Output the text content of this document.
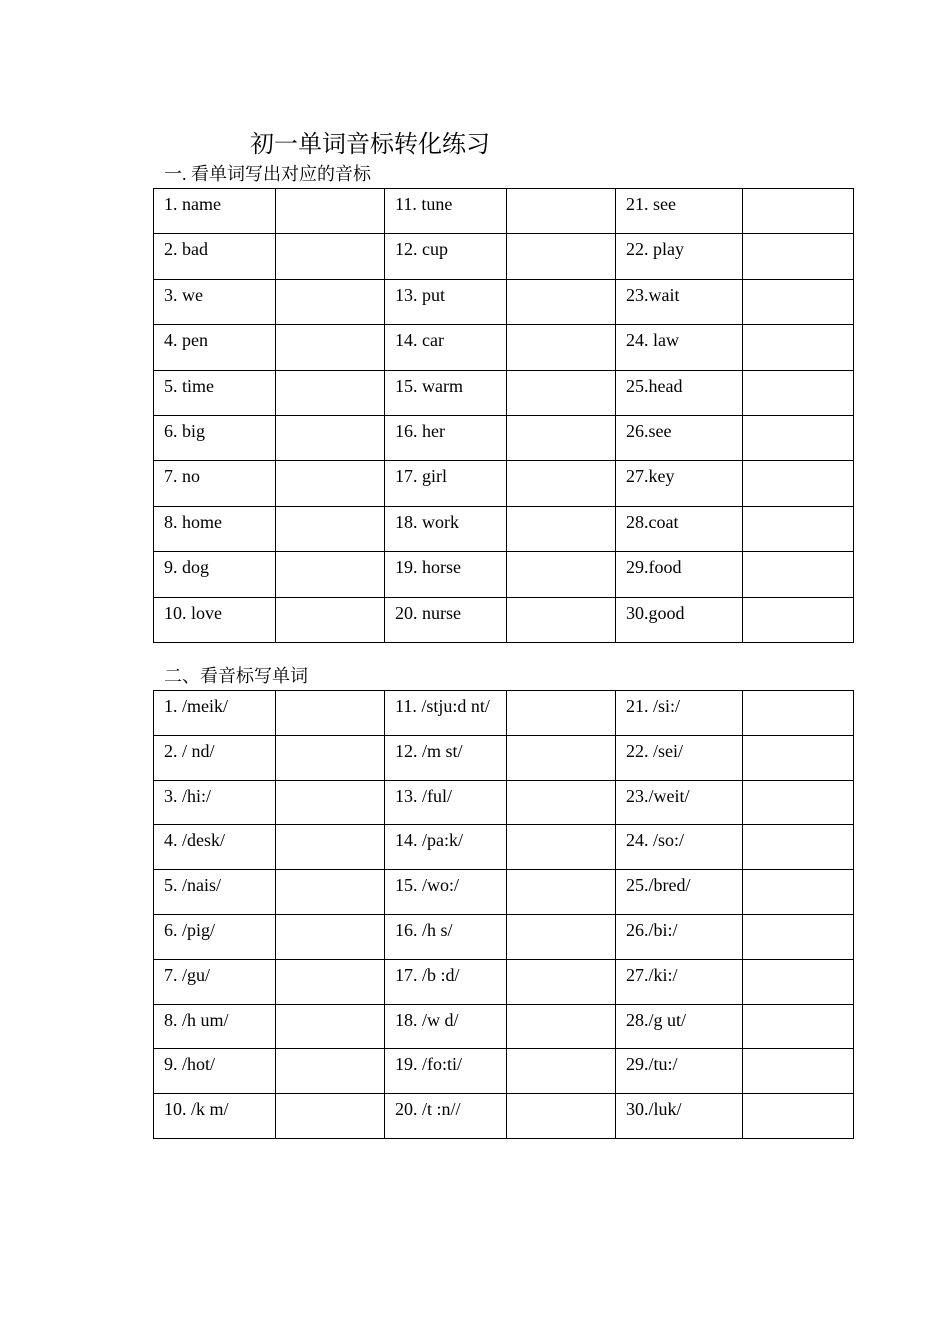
初一单词音标转化练习
一. 看单词写出对应的音标
1. name		11. tune		21. see	
2. bad		12. cup		22. play	
3. we		13. put		23.wait	
4. pen		14. car		24. law	
5. time		15. warm		25.head	
6. big		16. her		26.see	
7. no		17. girl		27.key	
8. home		18. work		28.coat	
9. dog		19. horse		29.food	
10. love		20. nurse		30.good	
二、看音标写单词
1. /meik/		11. /stju:d nt/		21. /si:/	
2. / nd/		12. /m st/		22. /sei/	
3. /hi:/		13. /ful/		23./weit/	
4. /desk/		14. /pa:k/		24. /so:/	
5. /nais/		15. /wo:/		25./bred/	
6. /pig/		16. /h s/		26./bi:/	
7. /gu/		17. /b :d/		27./ki:/	
8. /h um/		18. /w d/		28./g ut/	
9. /hot/		19. /fo:ti/		29./tu:/	
10. /k m/		20. /t :n//		30./luk/	
